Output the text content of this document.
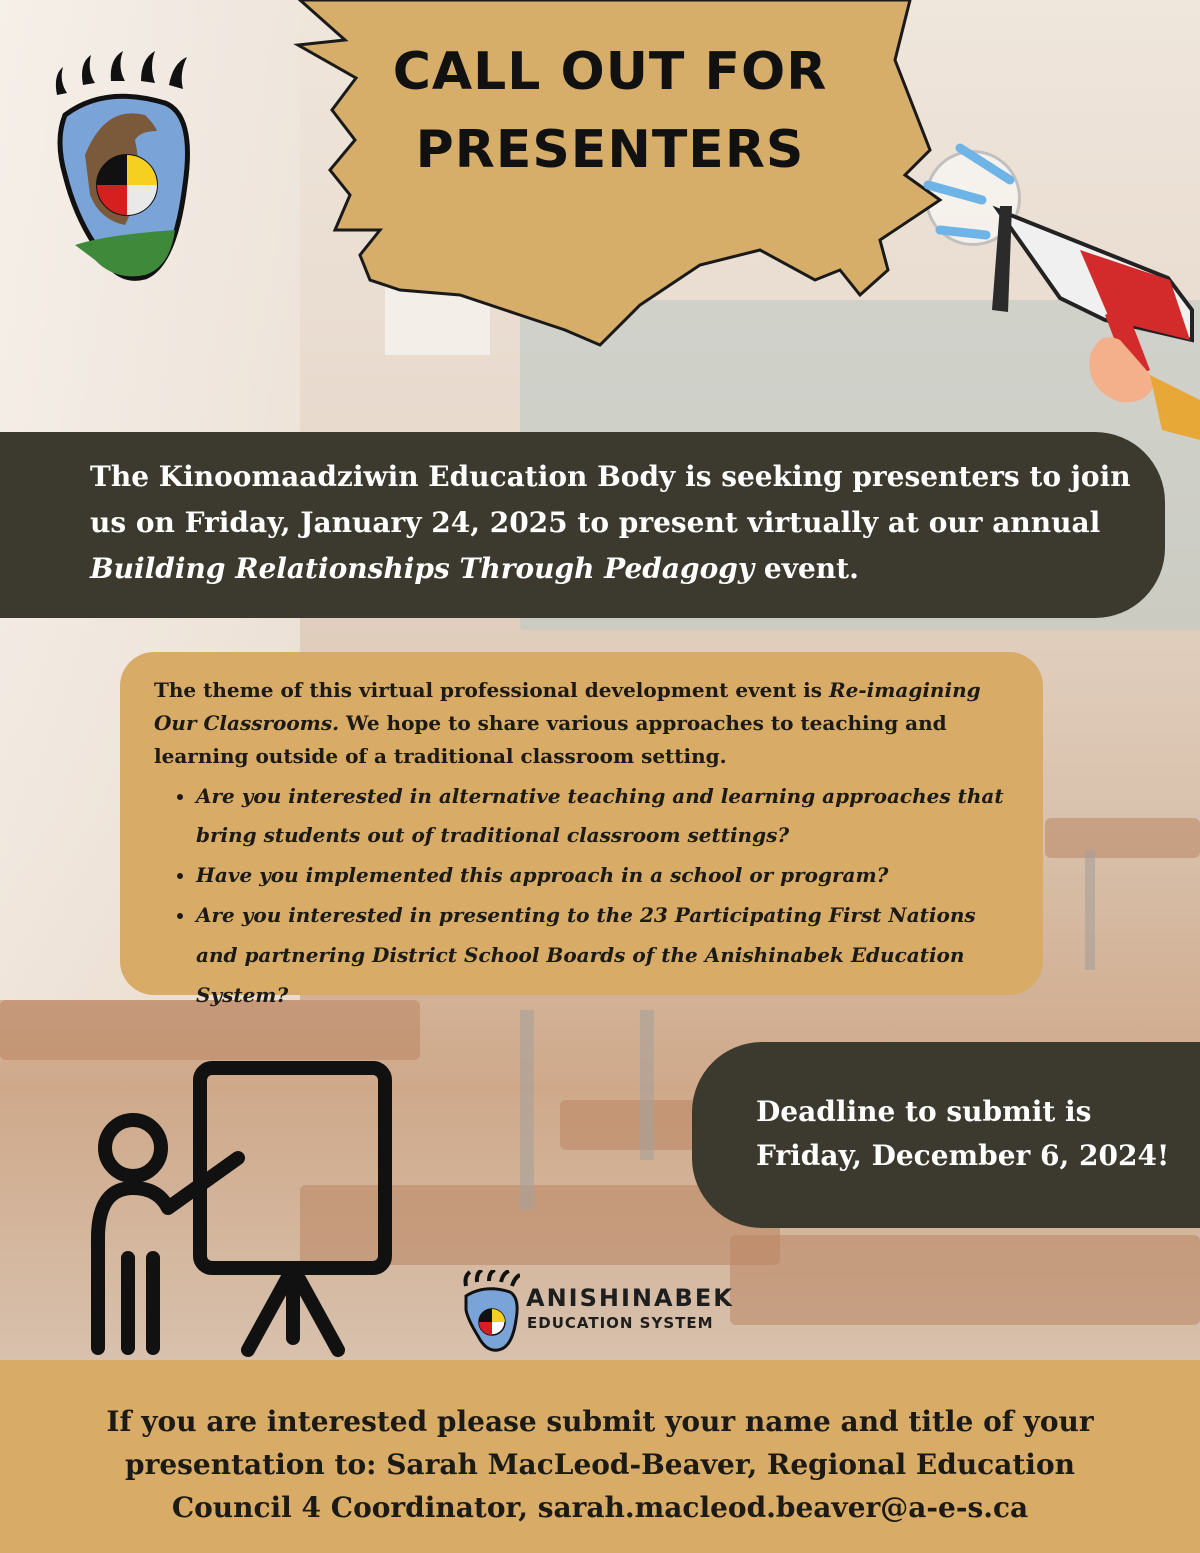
CALL OUT FOR
PRESENTERS
The Kinoomaadziwin Education Body is seeking presenters to join us on Friday, January 24, 2025 to present virtually at our annual Building Relationships Through Pedagogy event.

The theme of this virtual professional development event is Re-imagining Our Classrooms. We hope to share various approaches to teaching and learning outside of a traditional classroom setting.

• Are you interested in alternative teaching and learning approaches that bring students out of traditional classroom settings?
• Have you implemented this approach in a school or program?
• Are you interested in presenting to the 23 Participating First Nations and partnering District School Boards of the Anishinabek Education System?
Deadline to submit is
Friday, December 6, 2024!
ANISHINABEK
EDUCATION SYSTEM
If you are interested please submit your name and title of your
presentation to: Sarah MacLeod-Beaver, Regional Education
Council 4 Coordinator, sarah.macleod.beaver@a-e-s.ca
